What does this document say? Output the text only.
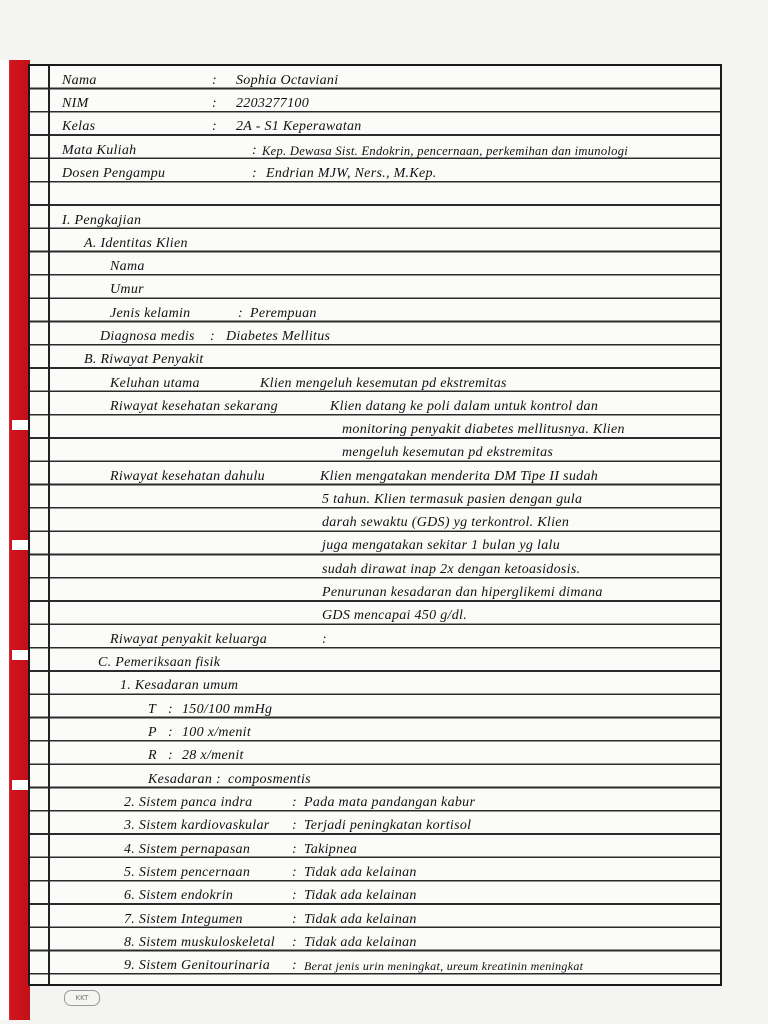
Nama	: Sophia Octaviani
NIM	: 2203277100
Kelas	: 2A - S1 Keperawatan
Mata Kuliah	: Kep. Dewasa Sist. Endokrin, pencernaan, perkemihan dan imunologi
Dosen Pengampu	: Endrian MJW, Ners., M.Kep.
I. Pengkajian
A. Identitas Klien
Nama
Umur
Jenis kelamin	: Perempuan
Diagnosa medis : Diabetes Mellitus
B. Riwayat Penyakit
Keluhan utama	Klien mengeluh kesemutan pd ekstremitas
Riwayat kesehatan sekarang	Klien datang ke poli dalam untuk kontrol dan
monitoring penyakit diabetes mellitusnya. Klien
mengeluh kesemutan pd ekstremitas
Riwayat kesehatan dahulu	Klien mengatakan menderita DM Tipe II sudah
5 tahun. Klien termasuk pasien dengan gula
darah sewaktu (GDS) yg terkontrol. Klien
juga mengatakan sekitar 1 bulan yg lalu
sudah dirawat inap 2x dengan ketoasidosis.
Penurunan kesadaran dan hiperglikemi dimana
GDS mencapai 450 g/dl.
Riwayat penyakit keluarga	:
C. Pemeriksaan fisik
1. Kesadaran umum
T : 150/100 mmHg
P : 100 x/menit
R : 28 x/menit
Kesadaran : composmentis
2. Sistem panca indra	: Pada mata pandangan kabur
3. Sistem kardiovaskular : Terjadi peningkatan kortisol
4. Sistem pernapasan	: Takipnea
5. Sistem pencernaan	: Tidak ada kelainan
6. Sistem endokrin	: Tidak ada kelainan
7. Sistem Integumen	: Tidak ada kelainan
8. Sistem muskuloskeletal : Tidak ada kelainan
9. Sistem Genitourinaria : Berat jenis urin meningkat, ureum kreatinin meningkat
KKT
